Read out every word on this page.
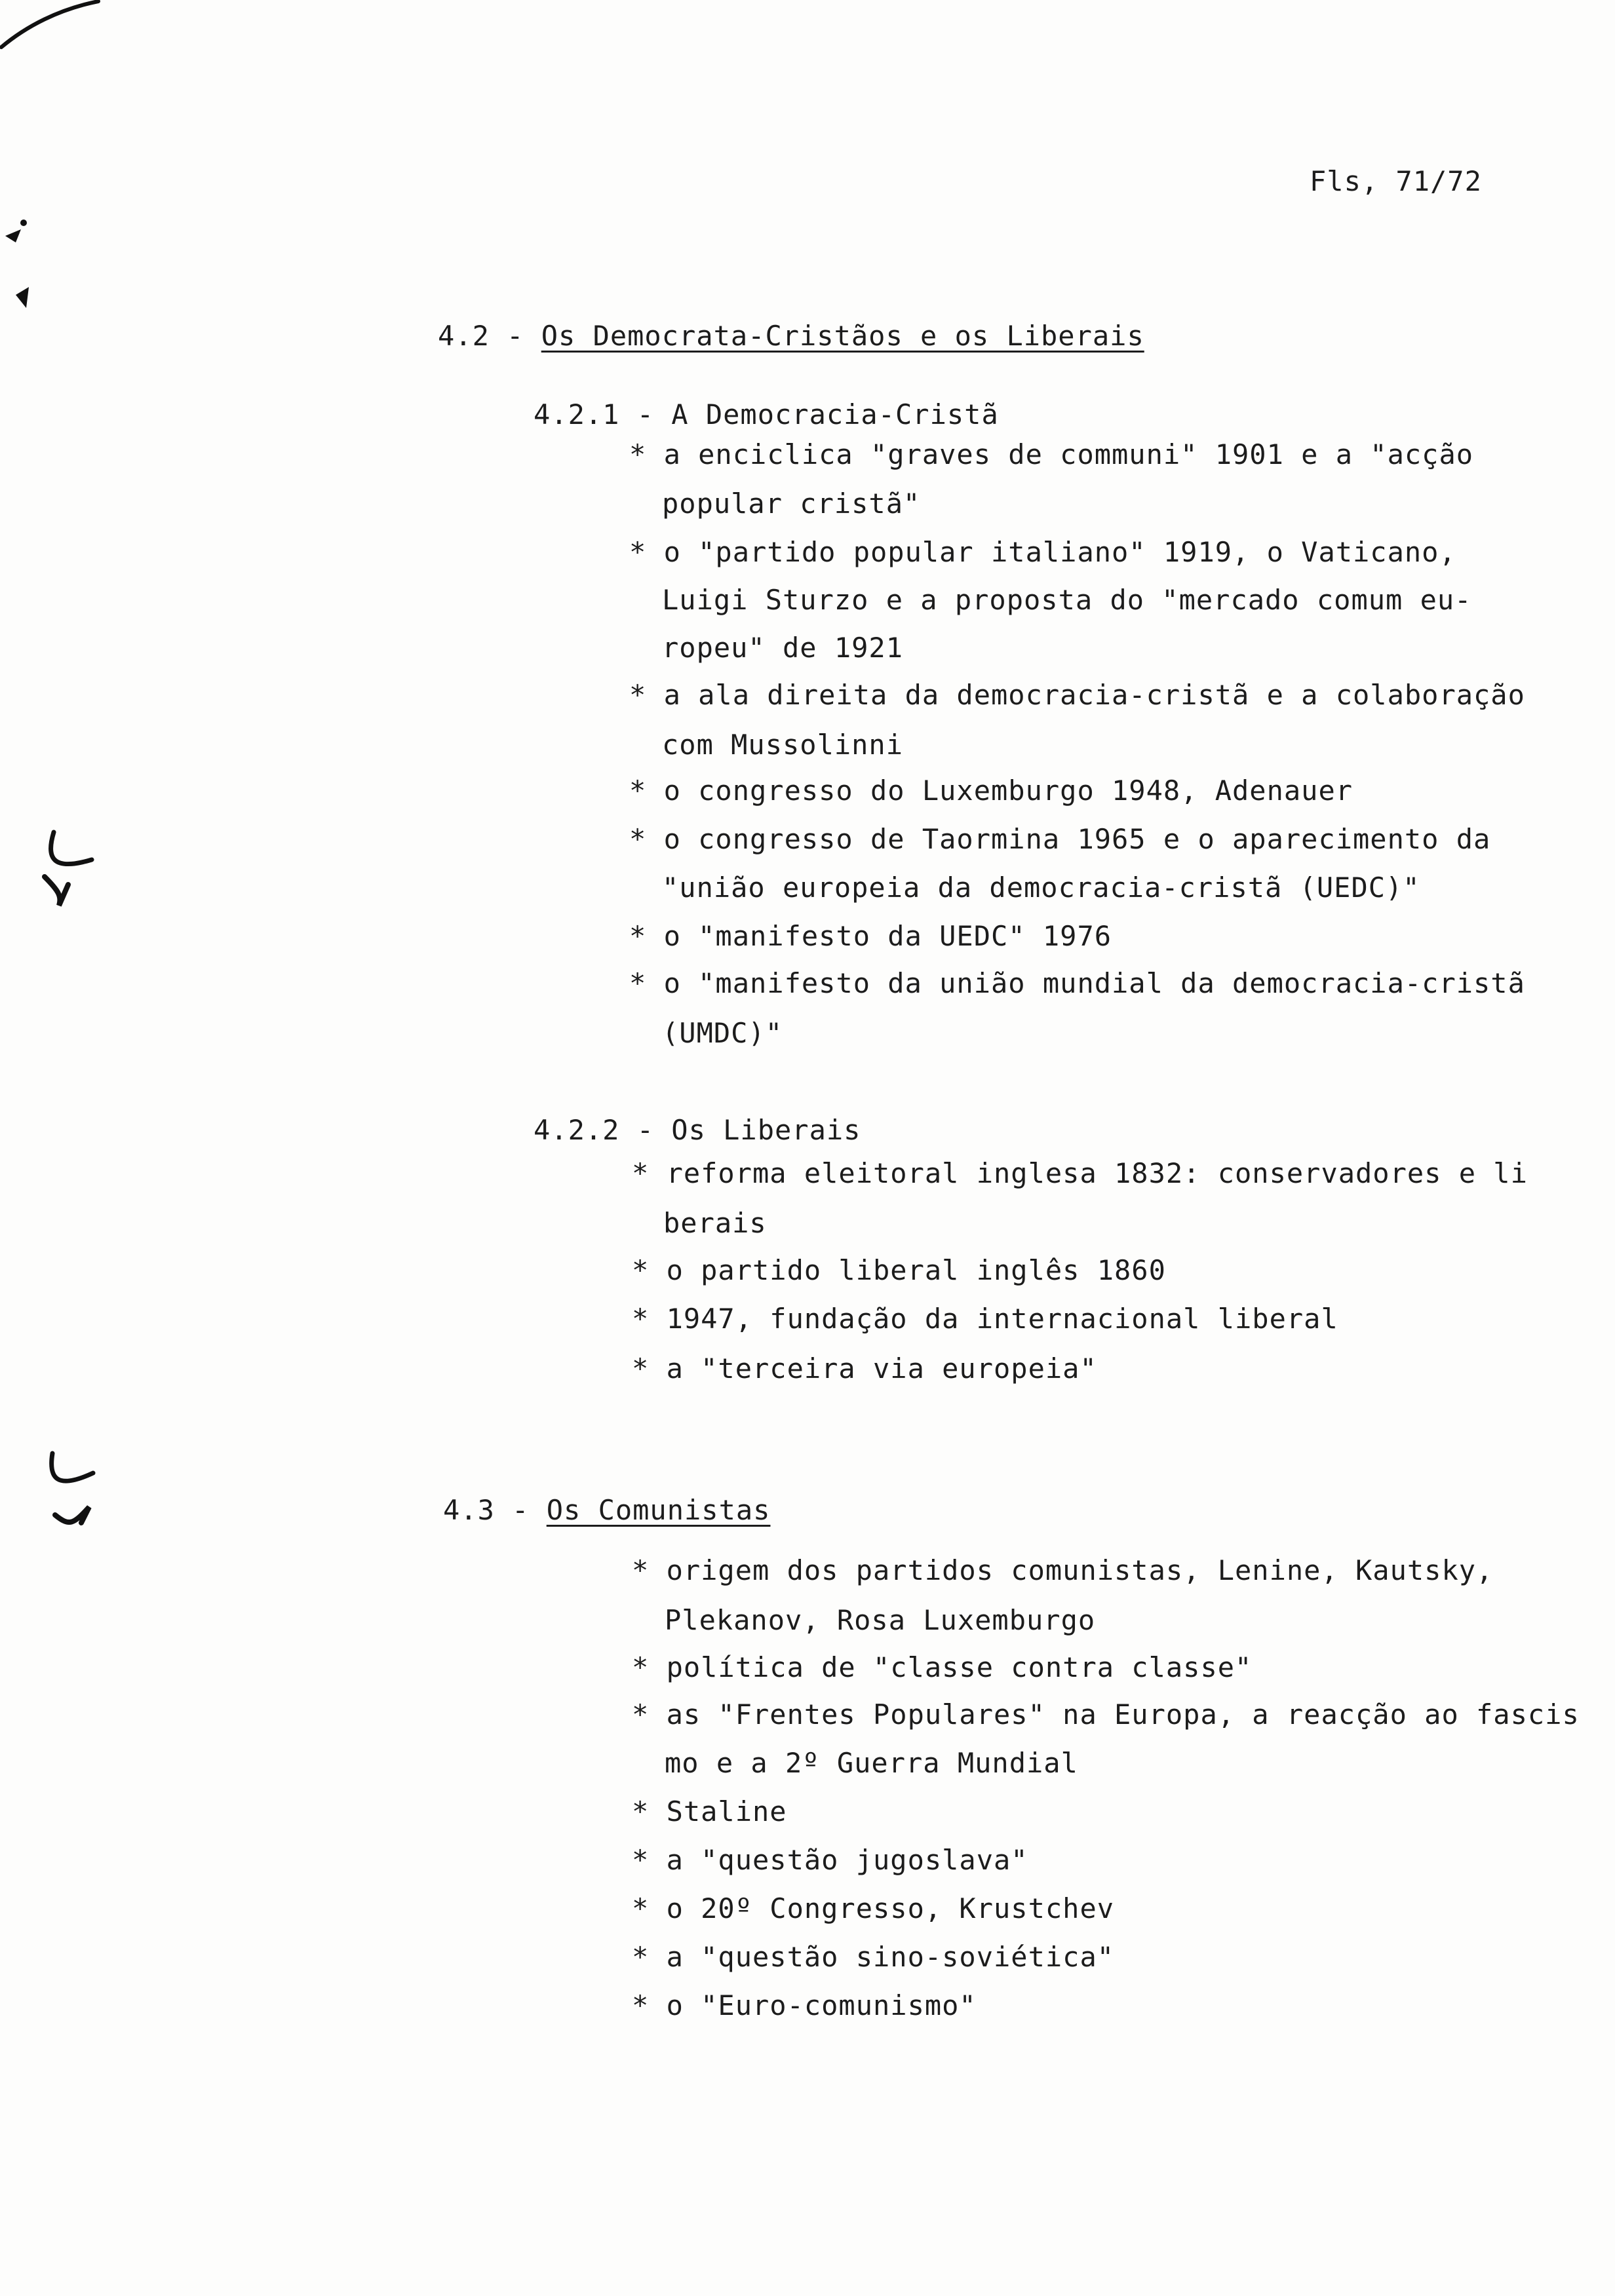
Fls, 71/72
4.2 - Os Democrata-Cristãos e os Liberais
4.2.1 - A Democracia-Cristã
* a enciclica "graves de communi" 1901 e a "acção
popular cristã"
* o "partido popular italiano" 1919, o Vaticano,
Luigi Sturzo e a proposta do "mercado comum eu-
ropeu" de 1921
* a ala direita da democracia-cristã e a colaboração
com Mussolinni
* o congresso do Luxemburgo 1948, Adenauer
* o congresso de Taormina 1965 e o aparecimento da
"união europeia da democracia-cristã (UEDC)"
* o "manifesto da UEDC" 1976
* o "manifesto da união mundial da democracia-cristã
(UMDC)"
4.2.2 - Os Liberais
* reforma eleitoral inglesa 1832: conservadores e li
berais
* o partido liberal inglês 1860
* 1947, fundação da internacional liberal
* a "terceira via europeia"
4.3 - Os Comunistas
* origem dos partidos comunistas, Lenine, Kautsky,
Plekanov, Rosa Luxemburgo
* política de "classe contra classe"
* as "Frentes Populares" na Europa, a reacção ao fascis
mo e a 2º Guerra Mundial
* Staline
* a "questão jugoslava"
* o 20º Congresso, Krustchev
* a "questão sino-soviética"
* o "Euro-comunismo"
